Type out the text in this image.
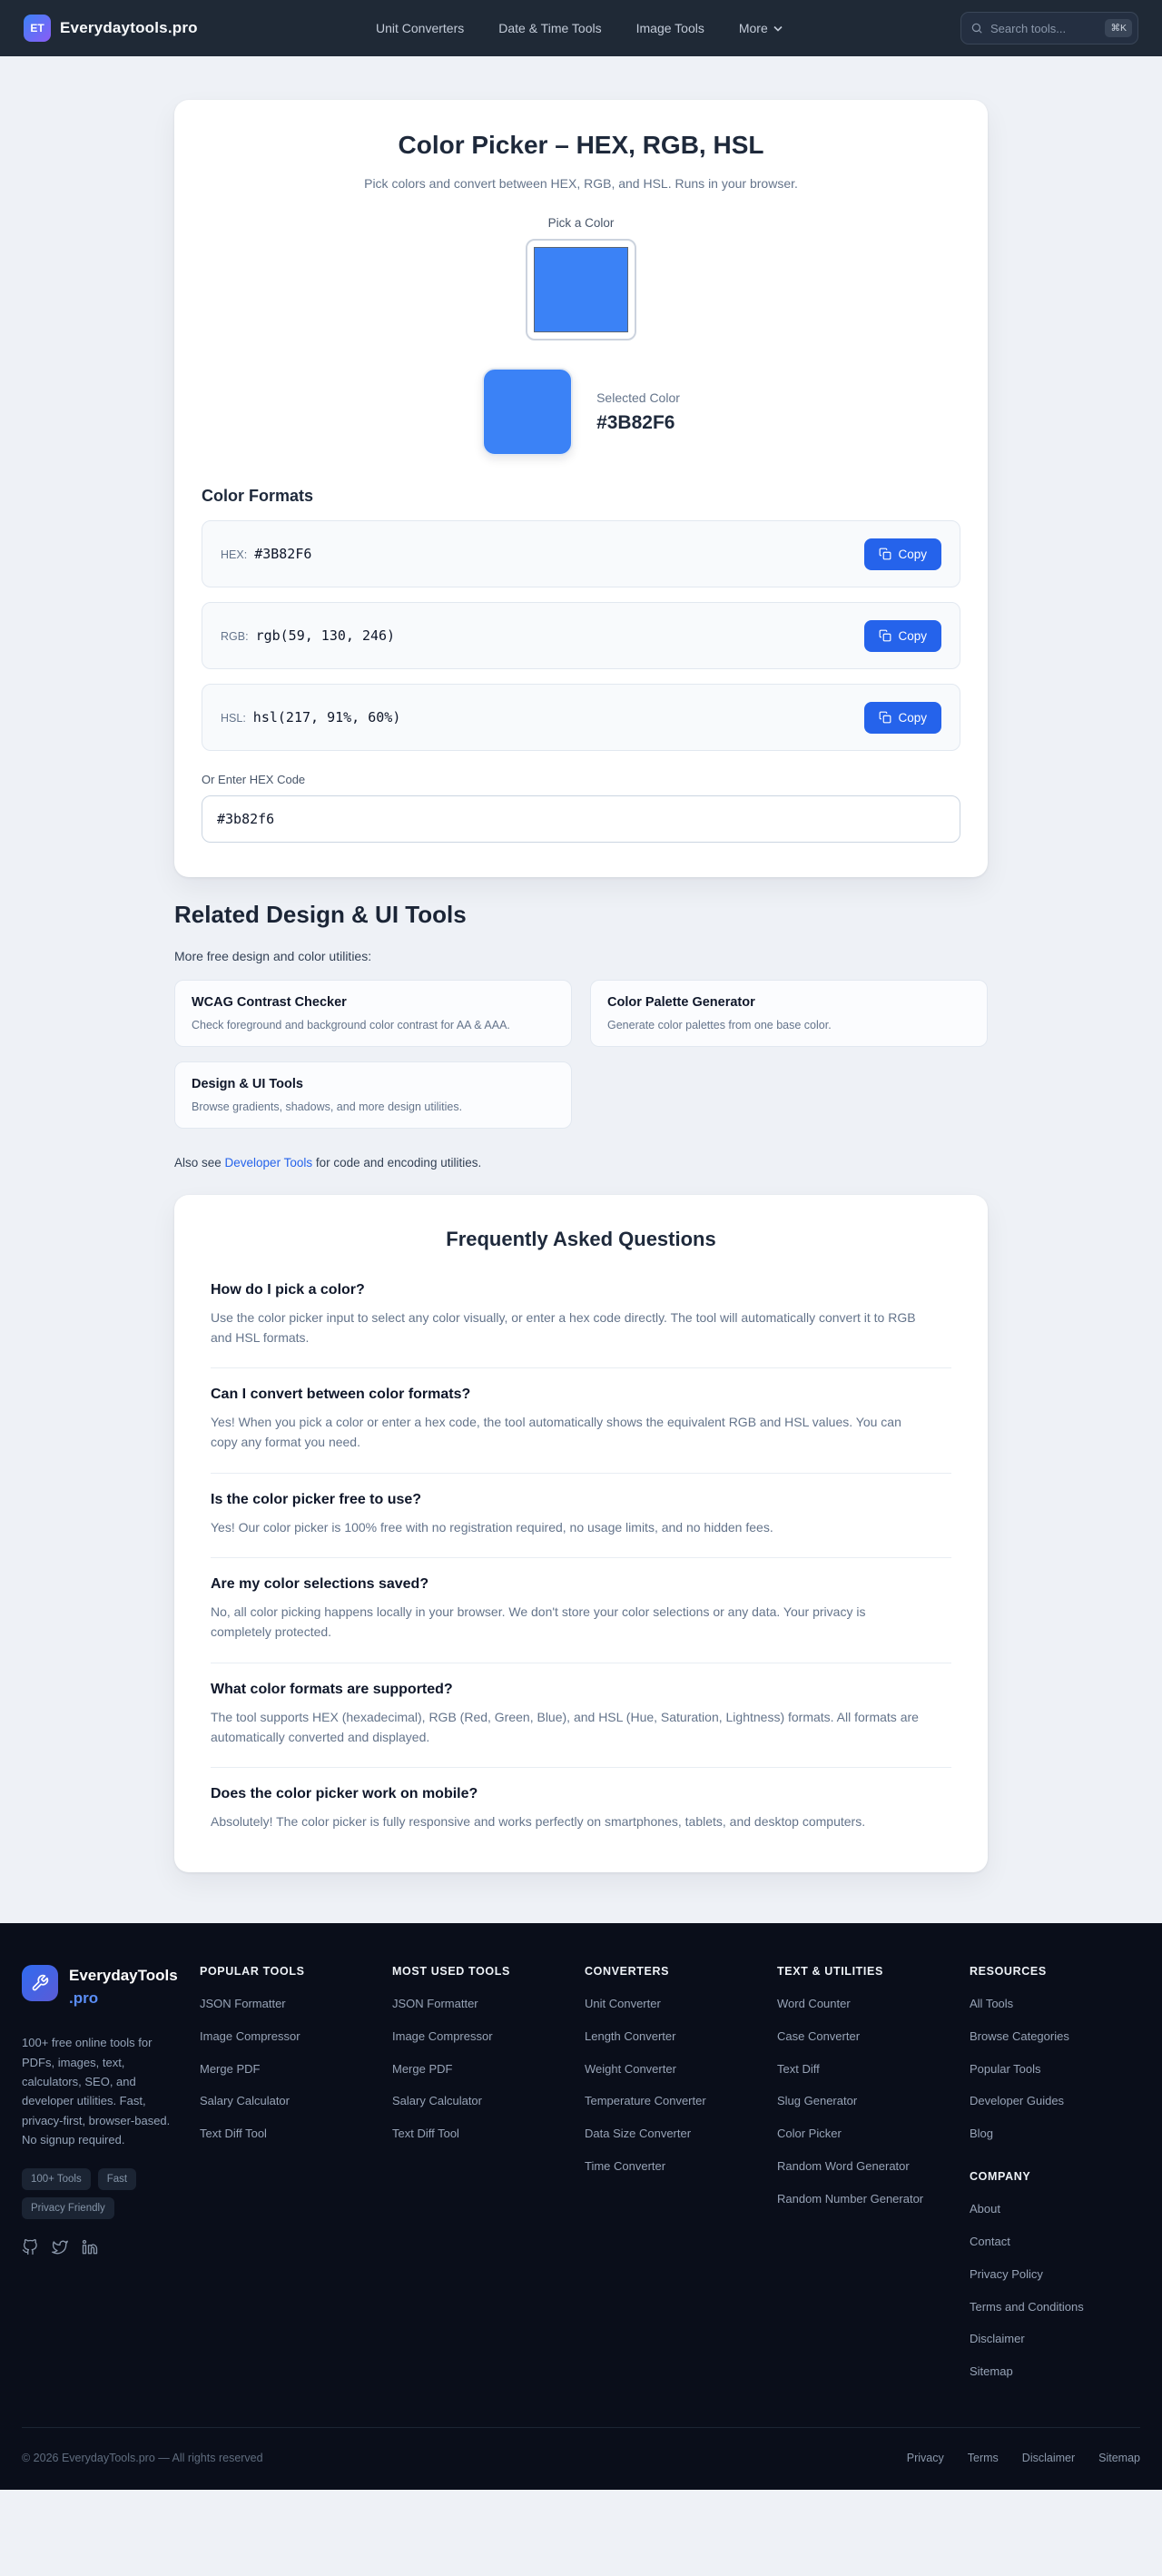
ET	Everydaytools.pro	Unit Converters	Date & Time Tools	Image Tools	More
Search tools...	⌘K
Color Picker – HEX, RGB, HSL

Pick colors and convert between HEX, RGB, and HSL. Runs in your browser.

Pick a Color
Selected Color
#3B82F6
Color Formats
HEX: #3B82F6	Copy
RGB: rgb(59, 130, 246)	Copy
HSL: hsl(217, 91%, 60%)	Copy
Or Enter HEX Code
#3b82f6
Related Design & UI Tools

More free design and color utilities:

WCAG Contrast Checker
Check foreground and background color contrast for AA & AAA.
Color Palette Generator
Generate color palettes from one base color.
Design & UI Tools
Browse gradients, shadows, and more design utilities.

Also see Developer Tools for code and encoding utilities.

Frequently Asked Questions
How do I pick a color?
Use the color picker input to select any color visually, or enter a hex code directly. The tool will automatically convert it to RGB and HSL formats.
Can I convert between color formats?
Yes! When you pick a color or enter a hex code, the tool automatically shows the equivalent RGB and HSL values. You can copy any format you need.
Is the color picker free to use?
Yes! Our color picker is 100% free with no registration required, no usage limits, and no hidden fees.
Are my color selections saved?
No, all color picking happens locally in your browser. We don't store your color selections or any data. Your privacy is completely protected.
What color formats are supported?
The tool supports HEX (hexadecimal), RGB (Red, Green, Blue), and HSL (Hue, Saturation, Lightness) formats. All formats are automatically converted and displayed.
Does the color picker work on mobile?
Absolutely! The color picker is fully responsive and works perfectly on smartphones, tablets, and desktop computers.
EverydayTools.pro

100+ free online tools for PDFs, images, text, calculators, SEO, and developer utilities. Fast, privacy-first, browser-based. No signup required.

100+ Tools	Fast
Privacy Friendly
POPULAR TOOLS
JSON Formatter
Image Compressor
Merge PDF
Salary Calculator
Text Diff Tool
MOST USED TOOLS
JSON Formatter
Image Compressor
Merge PDF
Salary Calculator
Text Diff Tool
CONVERTERS
Unit Converter
Length Converter
Weight Converter
Temperature Converter
Data Size Converter
Time Converter
TEXT & UTILITIES
Word Counter
Case Converter
Text Diff
Slug Generator
Color Picker
Random Word Generator
Random Number Generator
RESOURCES
All Tools
Browse Categories
Popular Tools
Developer Guides
Blog
COMPANY
About
Contact
Privacy Policy
Terms and Conditions
Disclaimer
Sitemap
© 2026 EverydayTools.pro — All rights reserved	Privacy Terms Disclaimer Sitemap
